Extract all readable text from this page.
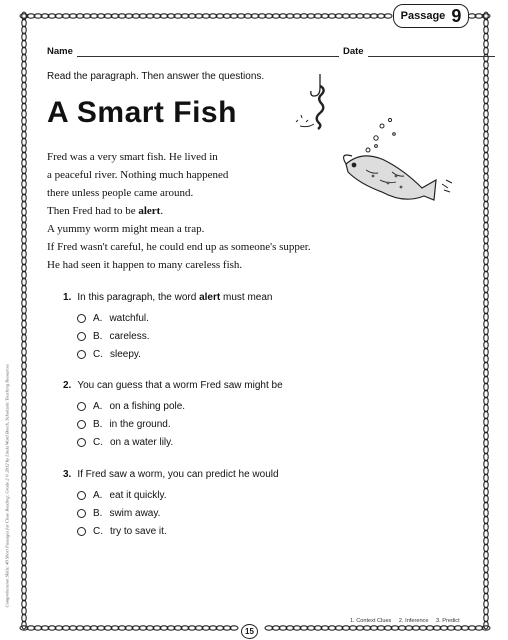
Passage 9
Name	Date
Read the paragraph. Then answer the questions.
A Smart Fish
Fred was a very smart fish. He lived in
a peaceful river. Nothing much happened
there unless people came around.
Then Fred had to be alert.
A yummy worm might mean a trap.
If Fred wasn't careful, he could end up as someone's supper.
He had seen it happen to many careless fish.
1. In this paragraph, the word alert must mean
A. watchful.
B. careless.
C. sleepy.
2. You can guess that a worm Fred saw might be
A. on a fishing pole.
B. in the ground.
C. on a water lily.
3. If Fred saw a worm, you can predict he would
A. eat it quickly.
B. swim away.
C. try to save it.
Comprehension Skills: 40 Short Passages for Close Reading: Grade 2 © 2012 by Linda Ward Beech, Scholastic Teaching Resources
1. Context Clues 2. Inference 3. Predict
15
